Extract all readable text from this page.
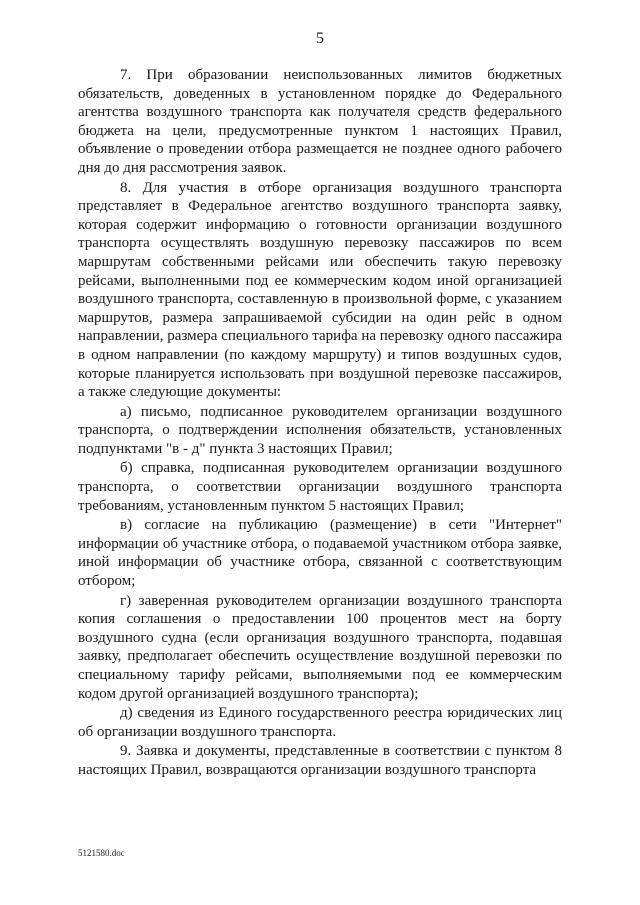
5

7. При образовании неиспользованных лимитов бюджетных обязательств, доведенных в установленном порядке до Федерального агентства воздушного транспорта как получателя средств федерального бюджета на цели, предусмотренные пунктом 1 настоящих Правил, объявление о проведении отбора размещается не позднее одного рабочего дня до дня рассмотрения заявок.

8. Для участия в отборе организация воздушного транспорта представляет в Федеральное агентство воздушного транспорта заявку, которая содержит информацию о готовности организации воздушного транспорта осуществлять воздушную перевозку пассажиров по всем маршрутам собственными рейсами или обеспечить такую перевозку рейсами, выполненными под ее коммерческим кодом иной организацией воздушного транспорта, составленную в произвольной форме, с указанием маршрутов, размера запрашиваемой субсидии на один рейс в одном направлении, размера специального тарифа на перевозку одного пассажира в одном направлении (по каждому маршруту) и типов воздушных судов, которые планируется использовать при воздушной перевозке пассажиров, а также следующие документы:

а) письмо, подписанное руководителем организации воздушного транспорта, о подтверждении исполнения обязательств, установленных подпунктами "в - д" пункта 3 настоящих Правил;

б) справка, подписанная руководителем организации воздушного транспорта, о соответствии организации воздушного транспорта требованиям, установленным пунктом 5 настоящих Правил;

в) согласие на публикацию (размещение) в сети "Интернет" информации об участнике отбора, о подаваемой участником отбора заявке, иной информации об участнике отбора, связанной с соответствующим отбором;

г) заверенная руководителем организации воздушного транспорта копия соглашения о предоставлении 100 процентов мест на борту воздушного судна (если организация воздушного транспорта, подавшая заявку, предполагает обеспечить осуществление воздушной перевозки по специальному тарифу рейсами, выполняемыми под ее коммерческим кодом другой организацией воздушного транспорта);

д) сведения из Единого государственного реестра юридических лиц об организации воздушного транспорта.

9. Заявка и документы, представленные в соответствии с пунктом 8 настоящих Правил, возвращаются организации воздушного транспорта

5121580.doc
